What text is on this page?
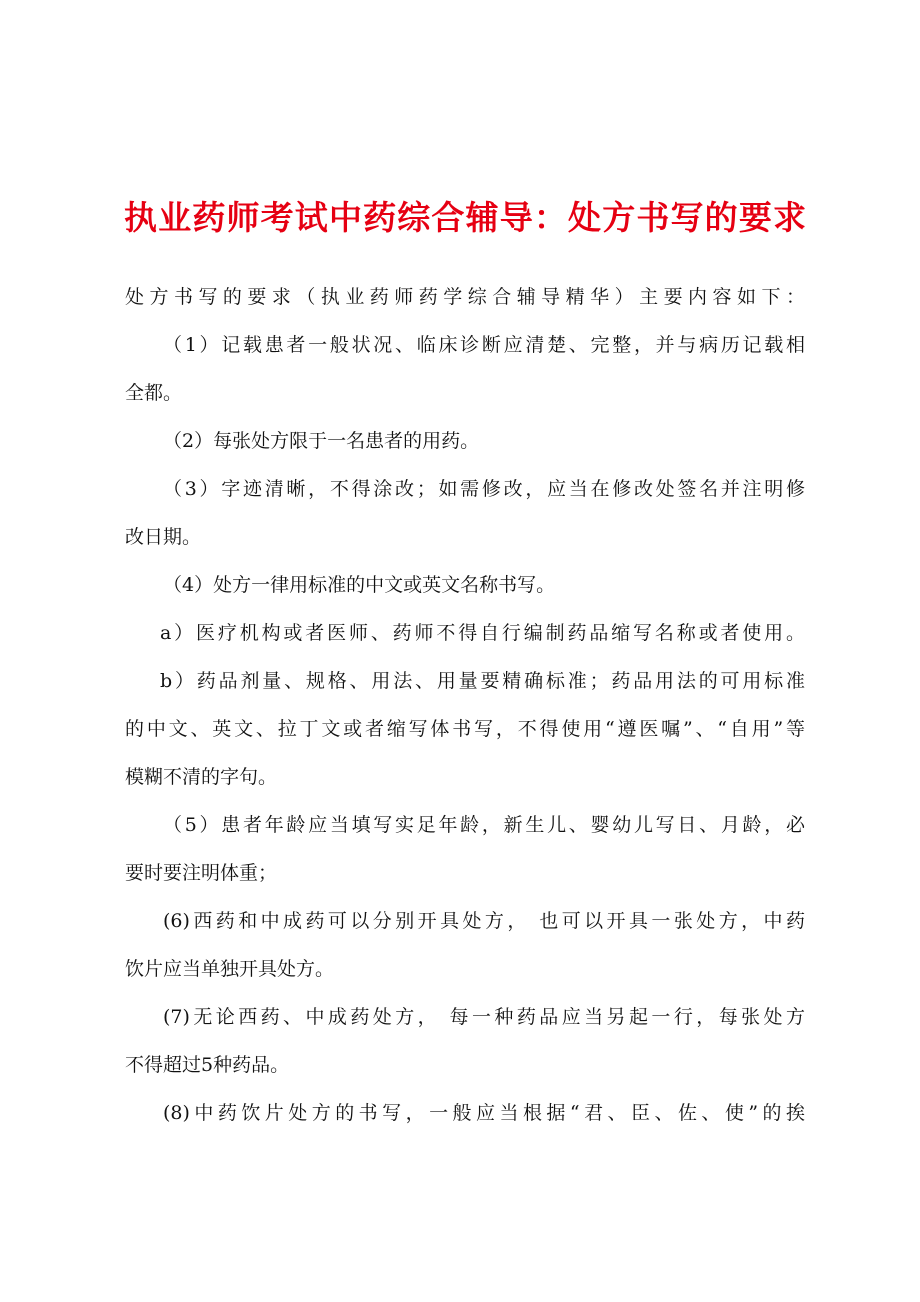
执业药师考试中药综合辅导：处方书写的要求
处方书写的要求（执业药师药学综合辅导精华）主要内容如下：
（1）记载患者一般状况、临床诊断应清楚、完整，并与病历记载相
全都。
（2）每张处方限于一名患者的用药。
（3）字迹清晰，不得涂改；如需修改，应当在修改处签名并注明修
改日期。
（4）处方一律用标准的中文或英文名称书写。
a）医疗机构或者医师、药师不得自行编制药品缩写名称或者使用。
b）药品剂量、规格、用法、用量要精确标准；药品用法的可用标准
的中文、英文、拉丁文或者缩写体书写，不得使用“遵医嘱”、“自用”等
模糊不清的字句。
（5）患者年龄应当填写实足年龄，新生儿、婴幼儿写日、月龄，必
要时要注明体重；
(6)西药和中成药可以分别开具处方， 也可以开具一张处方，中药
饮片应当单独开具处方。
(7)无论西药、中成药处方， 每一种药品应当另起一行，每张处方
不得超过5种药品。
(8)中药饮片处方的书写，一般应当根据“君、臣、佐、使”的挨
